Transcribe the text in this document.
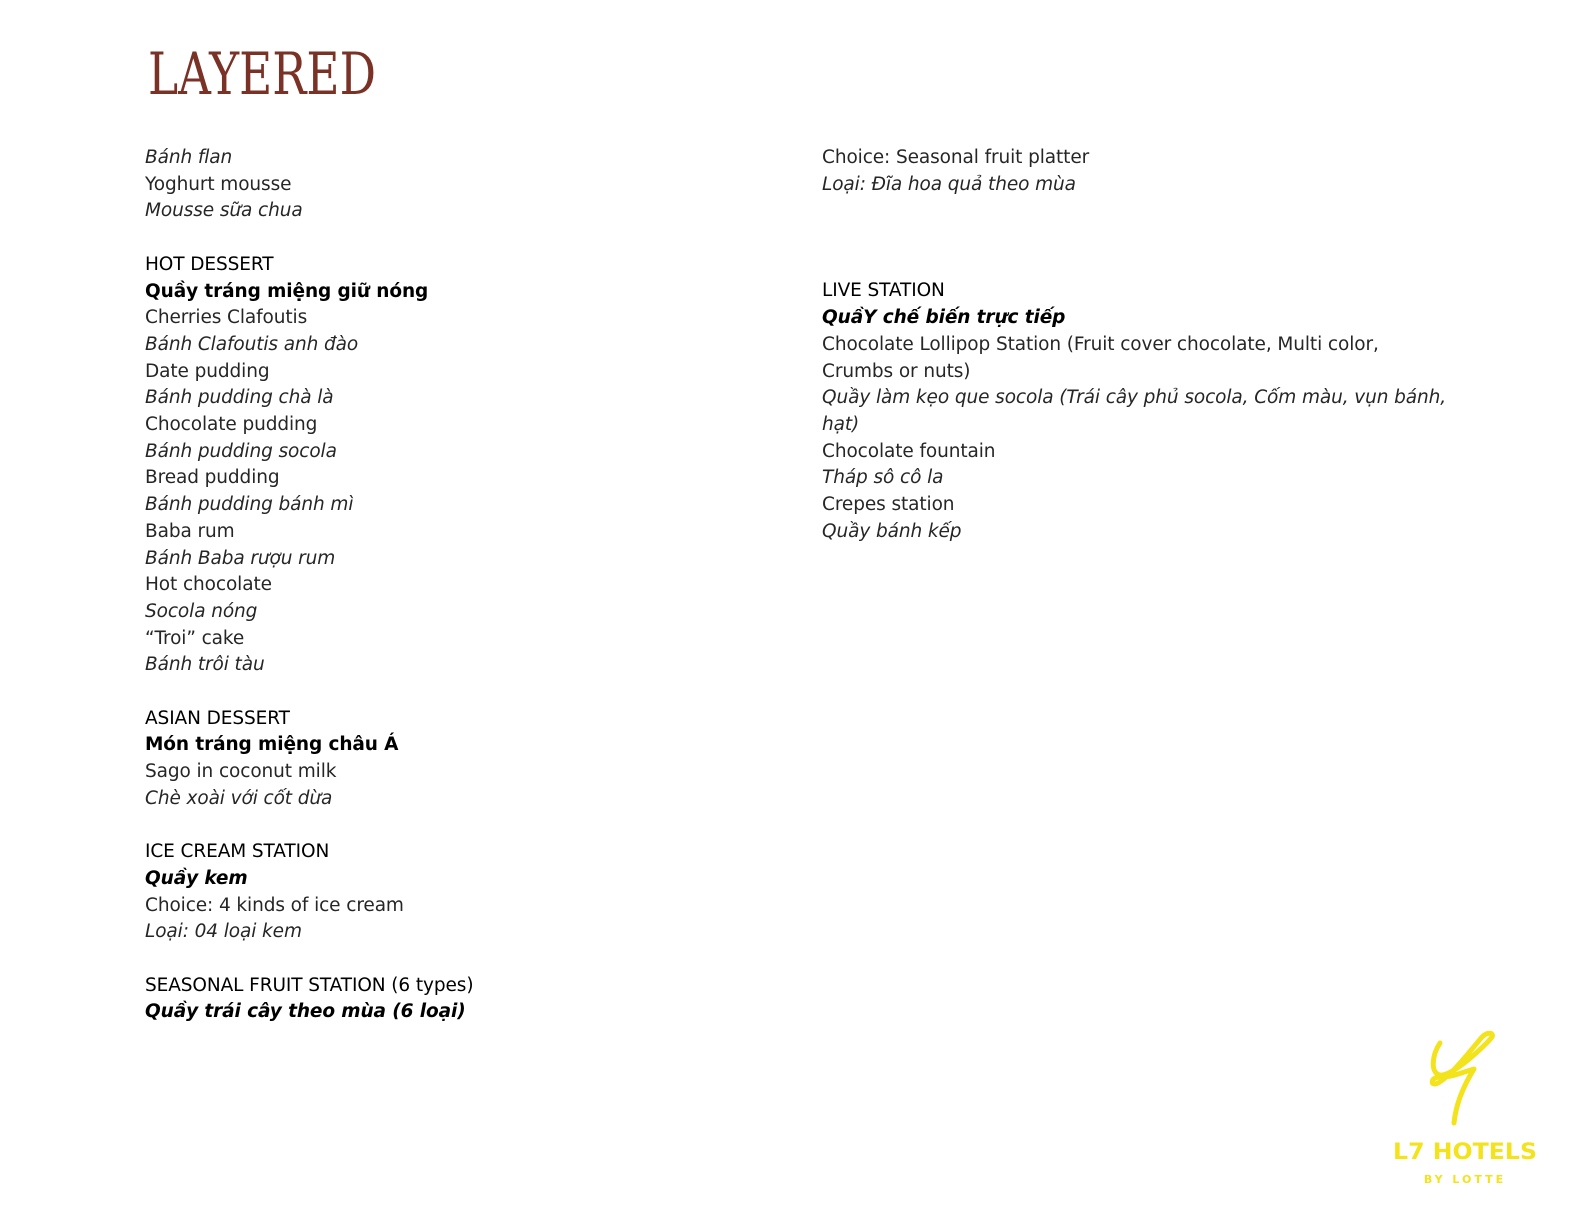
LAYERED
Bánh flan
Yoghurt mousse
Mousse sữa chua
HOT DESSERT
Quầy tráng miệng giữ nóng
Cherries Clafoutis
Bánh Clafoutis anh đào
Date pudding
Bánh pudding chà là
Chocolate pudding
Bánh pudding socola
Bread pudding
Bánh pudding bánh mì
Baba rum
Bánh Baba rượu rum
Hot chocolate
Socola nóng
“Troi” cake
Bánh trôi tàu
ASIAN DESSERT
Món tráng miệng châu Á
Sago in coconut milk
Chè xoài với cốt dừa
ICE CREAM STATION
Quầy kem
Choice: 4 kinds of ice cream
Loại: 04 loại kem
SEASONAL FRUIT STATION (6 types)
Quầy trái cây theo mùa (6 loại)
Choice: Seasonal fruit platter
Loại: Đĩa hoa quả theo mùa
LIVE STATION
QuầY chế biến trực tiếp
Chocolate Lollipop Station (Fruit cover chocolate, Multi color, Crumbs or nuts)
Quầy làm kẹo que socola (Trái cây phủ socola, Cốm màu, vụn bánh, hạt)
Chocolate fountain
Tháp sô cô la
Crepes station
Quầy bánh kếp
L7 HOTELS
BY LOTTE
